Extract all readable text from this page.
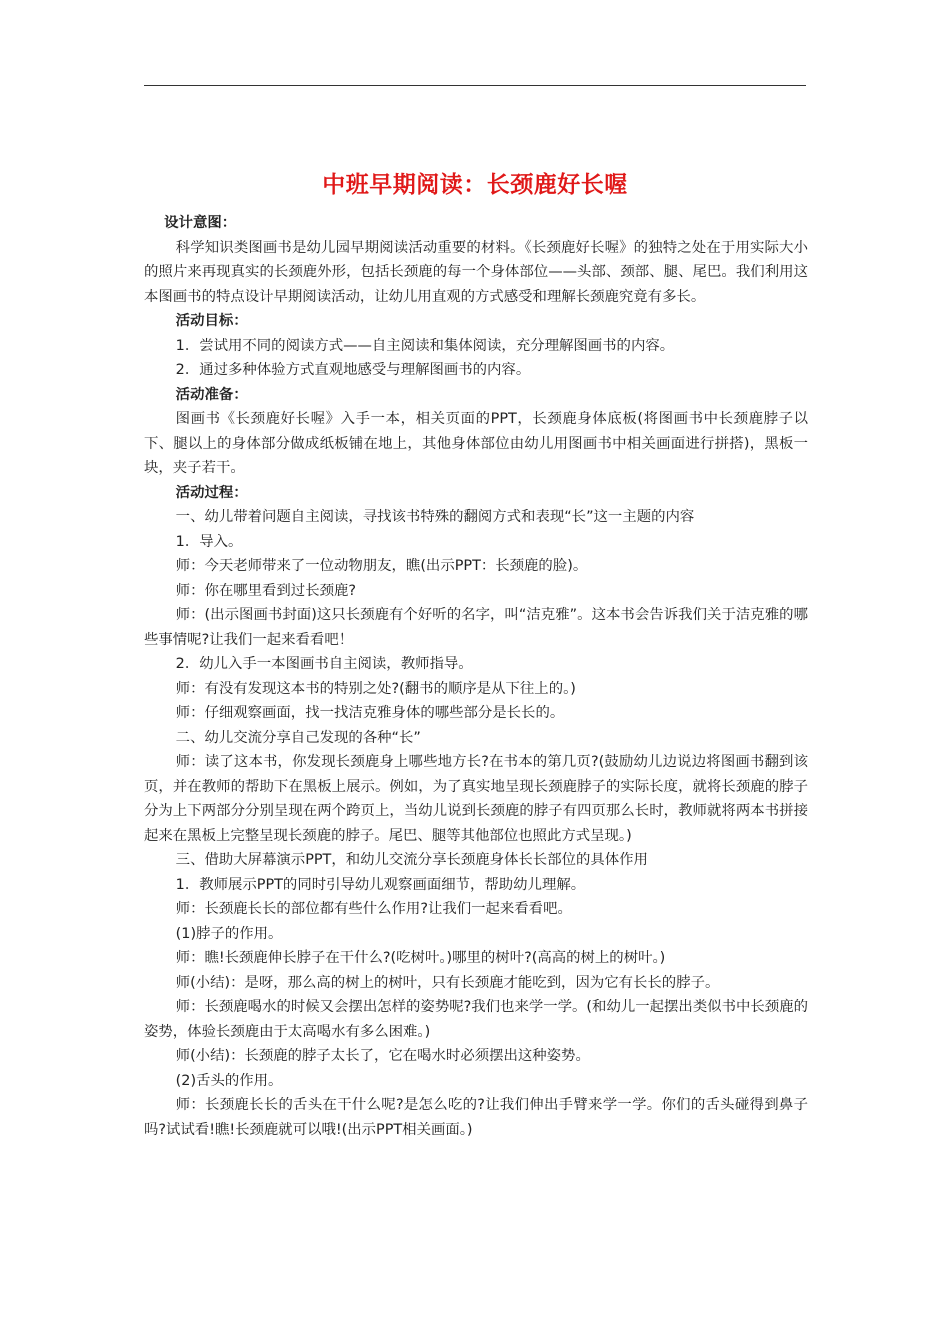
中班早期阅读：长颈鹿好长喔

设计意图：

科学知识类图画书是幼儿园早期阅读活动重要的材料。《长颈鹿好长喔》的独特之处在于用实际大小的照片来再现真实的长颈鹿外形，包括长颈鹿的每一个身体部位——头部、颈部、腿、尾巴。我们利用这本图画书的特点设计早期阅读活动，让幼儿用直观的方式感受和理解长颈鹿究竟有多长。

活动目标：

1．尝试用不同的阅读方式——自主阅读和集体阅读，充分理解图画书的内容。

2．通过多种体验方式直观地感受与理解图画书的内容。

活动准备：

图画书《长颈鹿好长喔》入手一本，相关页面的PPT，长颈鹿身体底板(将图画书中长颈鹿脖子以下、腿以上的身体部分做成纸板铺在地上，其他身体部位由幼儿用图画书中相关画面进行拼搭)，黑板一块，夹子若干。

活动过程：

一、幼儿带着问题自主阅读，寻找该书特殊的翻阅方式和表现“长”这一主题的内容

1．导入。

师：今天老师带来了一位动物朋友，瞧(出示PPT：长颈鹿的脸)。

师：你在哪里看到过长颈鹿?

师：(出示图画书封面)这只长颈鹿有个好听的名字，叫“洁克雅”。这本书会告诉我们关于洁克雅的哪些事情呢?让我们一起来看看吧！

2．幼儿入手一本图画书自主阅读，教师指导。

师：有没有发现这本书的特别之处?(翻书的顺序是从下往上的。)

师：仔细观察画面，找一找洁克雅身体的哪些部分是长长的。

二、幼儿交流分享自己发现的各种“长”

师：读了这本书，你发现长颈鹿身上哪些地方长?在书本的第几页?(鼓励幼儿边说边将图画书翻到该页，并在教师的帮助下在黑板上展示。例如，为了真实地呈现长颈鹿脖子的实际长度，就将长颈鹿的脖子分为上下两部分分别呈现在两个跨页上，当幼儿说到长颈鹿的脖子有四页那么长时，教师就将两本书拼接起来在黑板上完整呈现长颈鹿的脖子。尾巴、腿等其他部位也照此方式呈现。)

三、借助大屏幕演示PPT，和幼儿交流分享长颈鹿身体长长部位的具体作用

1．教师展示PPT的同时引导幼儿观察画面细节，帮助幼儿理解。

师：长颈鹿长长的部位都有些什么作用?让我们一起来看看吧。

(1)脖子的作用。

师：瞧!长颈鹿伸长脖子在干什么?(吃树叶。)哪里的树叶?(高高的树上的树叶。)

师(小结)：是呀，那么高的树上的树叶，只有长颈鹿才能吃到，因为它有长长的脖子。

师：长颈鹿喝水的时候又会摆出怎样的姿势呢?我们也来学一学。(和幼儿一起摆出类似书中长颈鹿的姿势，体验长颈鹿由于太高喝水有多么困难。)

师(小结)：长颈鹿的脖子太长了，它在喝水时必须摆出这种姿势。

(2)舌头的作用。

师：长颈鹿长长的舌头在干什么呢?是怎么吃的?让我们伸出手臂来学一学。你们的舌头碰得到鼻子吗?试试看!瞧!长颈鹿就可以哦!(出示PPT相关画面。)
